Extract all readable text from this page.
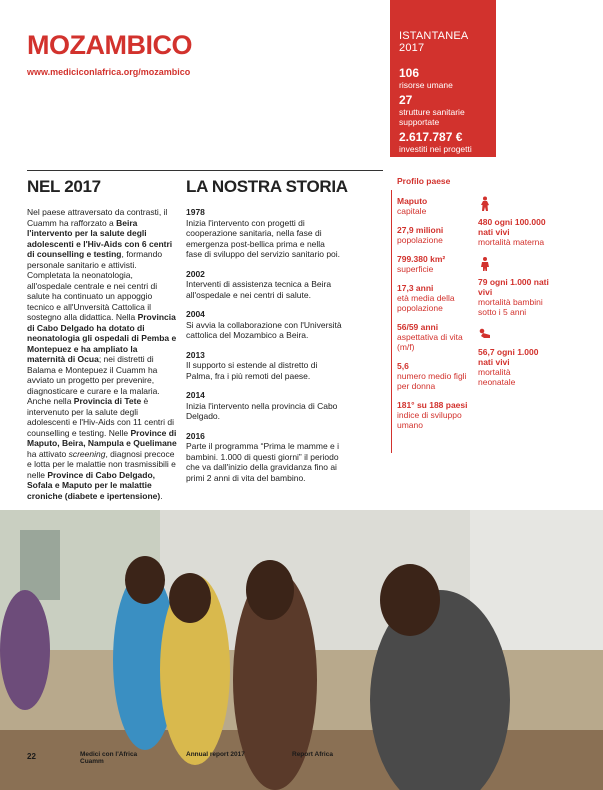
MOZAMBICO
www.mediciconlafrica.org/mozambico
ISTANTANEA 2017
106
risorse umane
27
strutture sanitarie supportate
2.617.787 €
investiti nei progetti
NEL 2017	LA NOSTRA STORIA
Nel paese attraversato da contrasti, il Cuamm ha rafforzato a Beira l'intervento per la salute degli adolescenti e l'Hiv-Aids con 6 centri di counselling e testing, formando personale sanitario e attivisti. Completata la neonatologia, all'ospedale centrale e nei centri di salute ha continuato un appoggio tecnico e all'Unversità Cattolica il sostegno alla didattica. Nella Provincia di Cabo Delgado ha dotato di neonatologia gli ospedali di Pemba e Montepuez e ha ampliato la maternità di Ocua; nei distretti di Balama e Montepuez il Cuamm ha avviato un progetto per prevenire, diagnosticare e curare e la malaria. Anche nella Provincia di Tete è intervenuto per la salute degli adolescenti e l'Hiv-Aids con 11 centri di counselling e testing. Nelle Province di Maputo, Beira, Nampula e Quelimane ha attivato screening, diagnosi precoce e lotta per le malattie non trasmissibili e nelle Province di Cabo Delgado, Sofala e Maputo per le malattie croniche (diabete e ipertensione).
1978
Inizia l'intervento con progetti di cooperazione sanitaria, nella fase di emergenza post-bellica prima e nella fase di sviluppo del servizio sanitario poi.
2002
Interventi di assistenza tecnica a Beira all'ospedale e nei centri di salute.
2004
Si avvia la collaborazione con l'Università cattolica del Mozambico a Beira.
2013
Il supporto si estende al distretto di Palma, fra i più remoti del paese.
2014
Inizia l'intervento nella provincia di Cabo Delgado.
2016
Parte il programma “Prima le mamme e i bambini. 1.000 di questi giorni” il periodo che va dall'inizio della gravidanza fino ai primi 2 anni di vita del bambino.
Profilo paese
Maputo
capitale
27,9 milioni
popolazione
799.380 km²
superficie
17,3 anni
età media della popolazione
56/59 anni
aspettativa di vita (m/f)
5,6
numero medio figli per donna
181° su 188 paesi
indice di sviluppo umano
480 ogni 100.000 nati vivi
mortalità materna
79 ogni 1.000 nati vivi
mortalità bambini sotto i 5 anni
56,7 ogni 1.000 nati vivi
mortalità neonatale
22	Medici con l'Africa Cuamm
Annual report 2017	Report Africa
